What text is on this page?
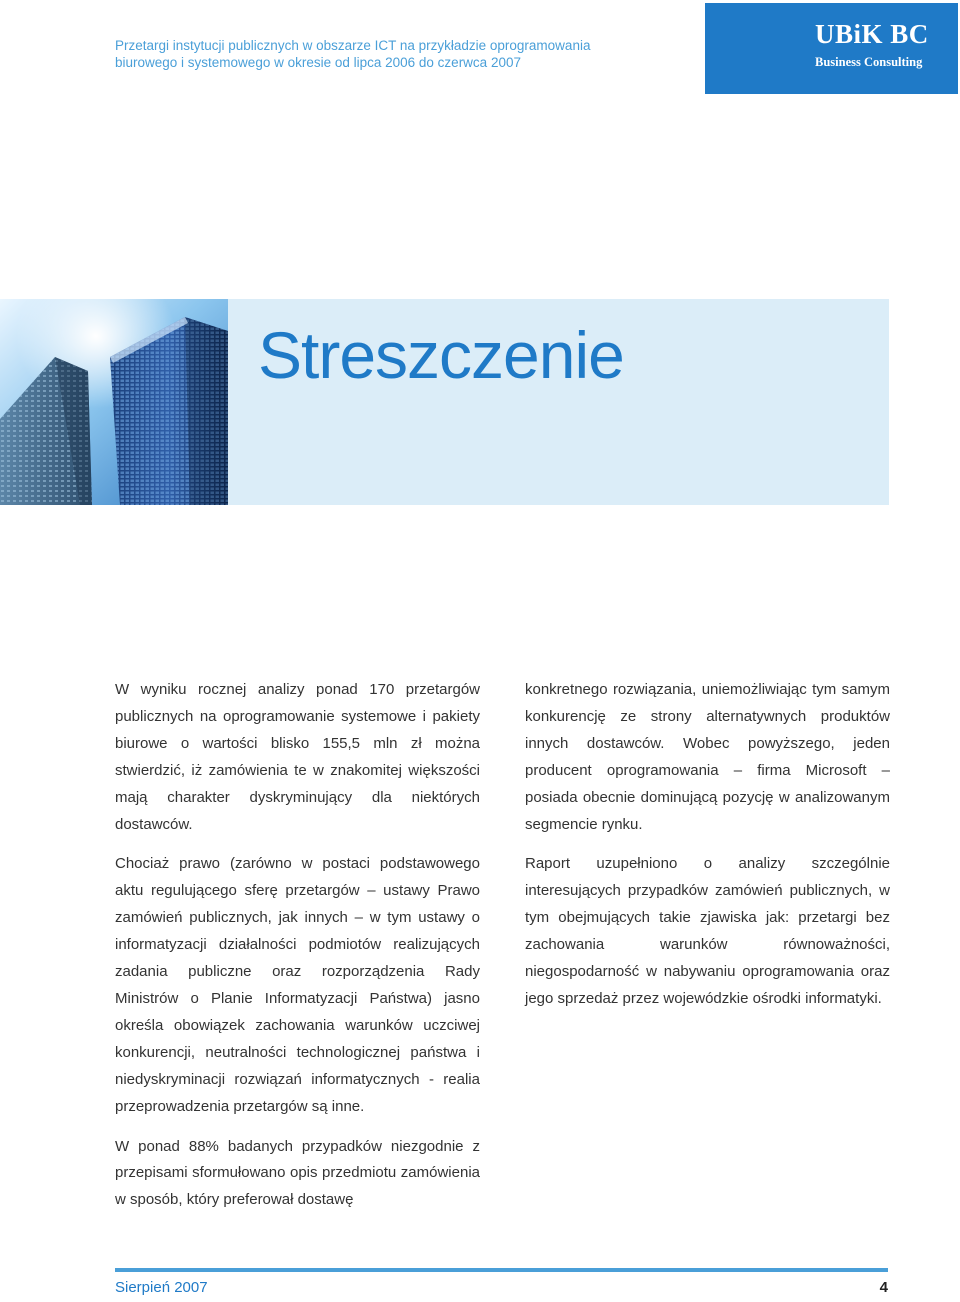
Przetargi instytucji publicznych w obszarze ICT na przykładzie oprogramowania
biurowego i systemowego w okresie od lipca 2006 do czerwca 2007
UBiK BC
Business Consulting
Streszczenie

W wyniku rocznej analizy ponad 170 przetargów publicznych na oprogramowanie systemowe i pakiety biurowe o wartości blisko 155,5 mln zł można stwierdzić, iż zamówienia te w znakomitej większości mają charakter dyskryminujący dla niektórych dostawców.

Chociaż prawo (zarówno w postaci podstawowego aktu regulującego sferę przetargów – ustawy Prawo zamówień publicznych, jak innych – w tym ustawy o informatyzacji działalności podmiotów realizujących zadania publiczne oraz rozporządzenia Rady Ministrów o Planie Informatyzacji Państwa) jasno określa obowiązek zachowania warunków uczciwej konkurencji, neutralności technologicznej państwa i niedyskryminacji rozwiązań informatycznych - realia przeprowadzenia przetargów są inne.

W ponad 88% badanych przypadków niezgodnie z przepisami sformułowano opis przedmiotu zamówienia w sposób, który preferował dostawę

konkretnego rozwiązania, uniemożliwiając tym samym konkurencję ze strony alternatywnych produktów innych dostawców. Wobec powyższego, jeden producent oprogramowania – firma Microsoft – posiada obecnie dominującą pozycję w analizowanym segmencie rynku.

Raport uzupełniono o analizy szczególnie interesujących przypadków zamówień publicznych, w tym obejmujących takie zjawiska jak: przetargi bez zachowania warunków równoważności, niegospodarność w nabywaniu oprogramowania oraz jego sprzedaż przez wojewódzkie ośrodki informatyki.

Sierpień 2007	4
